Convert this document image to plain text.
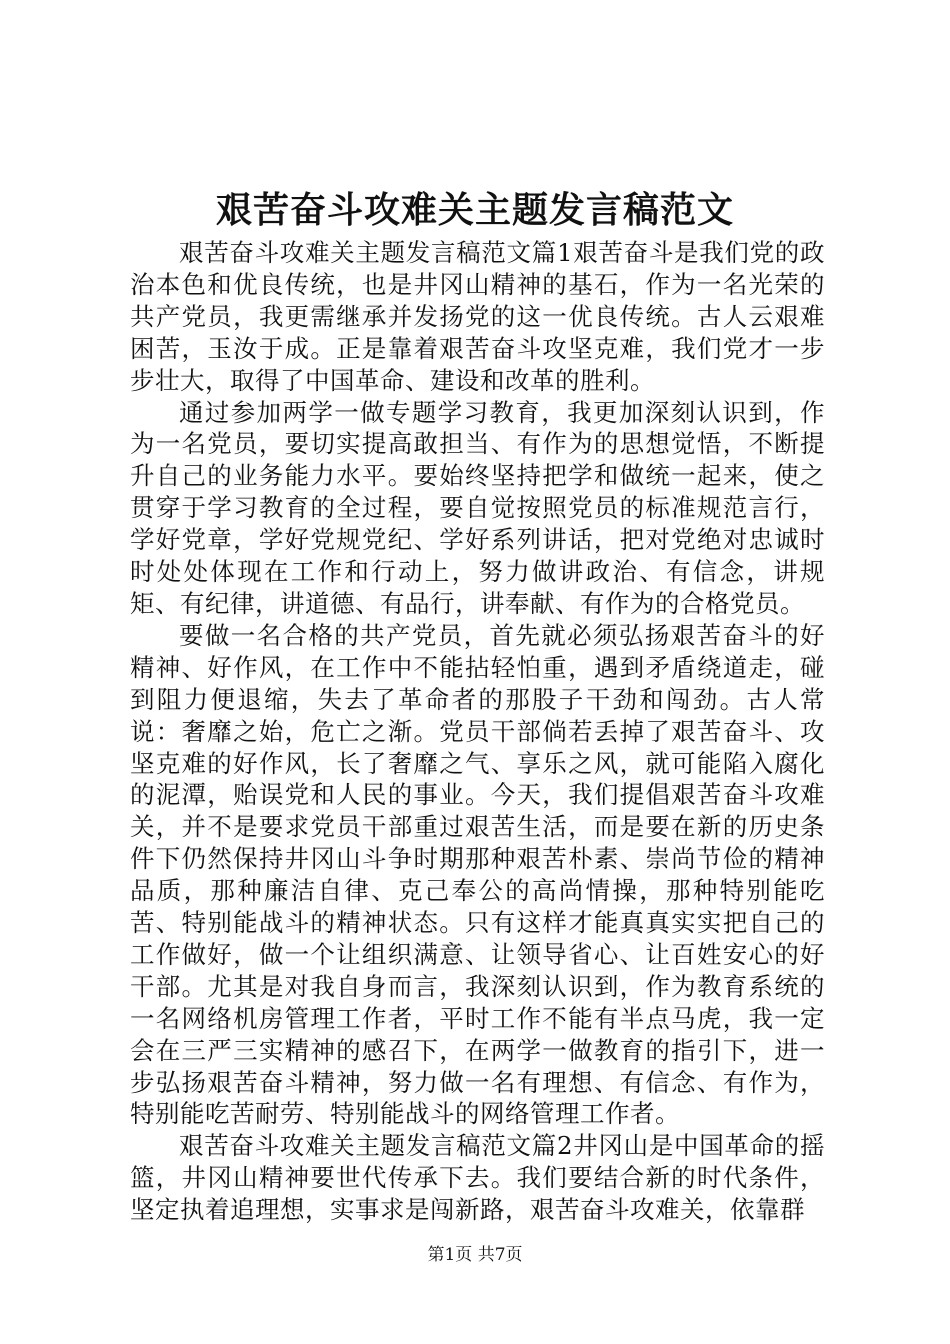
艰苦奋斗攻难关主题发言稿范文

艰苦奋斗攻难关主题发言稿范文篇1艰苦奋斗是我们党的政治本色和优良传统，也是井冈山精神的基石，作为一名光荣的共产党员，我更需继承并发扬党的这一优良传统。古人云艰难困苦，玉汝于成。正是靠着艰苦奋斗攻坚克难，我们党才一步步壮大，取得了中国革命、建设和改革的胜利。

通过参加两学一做专题学习教育，我更加深刻认识到，作为一名党员，要切实提高敢担当、有作为的思想觉悟，不断提升自己的业务能力水平。要始终坚持把学和做统一起来，使之贯穿于学习教育的全过程，要自觉按照党员的标准规范言行，学好党章，学好党规党纪、学好系列讲话，把对党绝对忠诚时时处处体现在工作和行动上，努力做讲政治、有信念，讲规矩、有纪律，讲道德、有品行，讲奉献、有作为的合格党员。

要做一名合格的共产党员，首先就必须弘扬艰苦奋斗的好精神、好作风，在工作中不能拈轻怕重，遇到矛盾绕道走，碰到阻力便退缩，失去了革命者的那股子干劲和闯劲。古人常说：奢靡之始，危亡之渐。党员干部倘若丢掉了艰苦奋斗、攻坚克难的好作风，长了奢靡之气、享乐之风，就可能陷入腐化的泥潭，贻误党和人民的事业。今天，我们提倡艰苦奋斗攻难关，并不是要求党员干部重过艰苦生活，而是要在新的历史条件下仍然保持井冈山斗争时期那种艰苦朴素、崇尚节俭的精神品质，那种廉洁自律、克己奉公的高尚情操，那种特别能吃苦、特别能战斗的精神状态。只有这样才能真真实实把自己的工作做好，做一个让组织满意、让领导省心、让百姓安心的好干部。尤其是对我自身而言，我深刻认识到，作为教育系统的一名网络机房管理工作者，平时工作不能有半点马虎，我一定会在三严三实精神的感召下，在两学一做教育的指引下，进一步弘扬艰苦奋斗精神，努力做一名有理想、有信念、有作为，特别能吃苦耐劳、特别能战斗的网络管理工作者。

艰苦奋斗攻难关主题发言稿范文篇2井冈山是中国革命的摇篮，井冈山精神要世代传承下去。我们要结合新的时代条件，坚定执着追理想，实事求是闯新路，艰苦奋斗攻难关，依靠群

第1页 共7页
